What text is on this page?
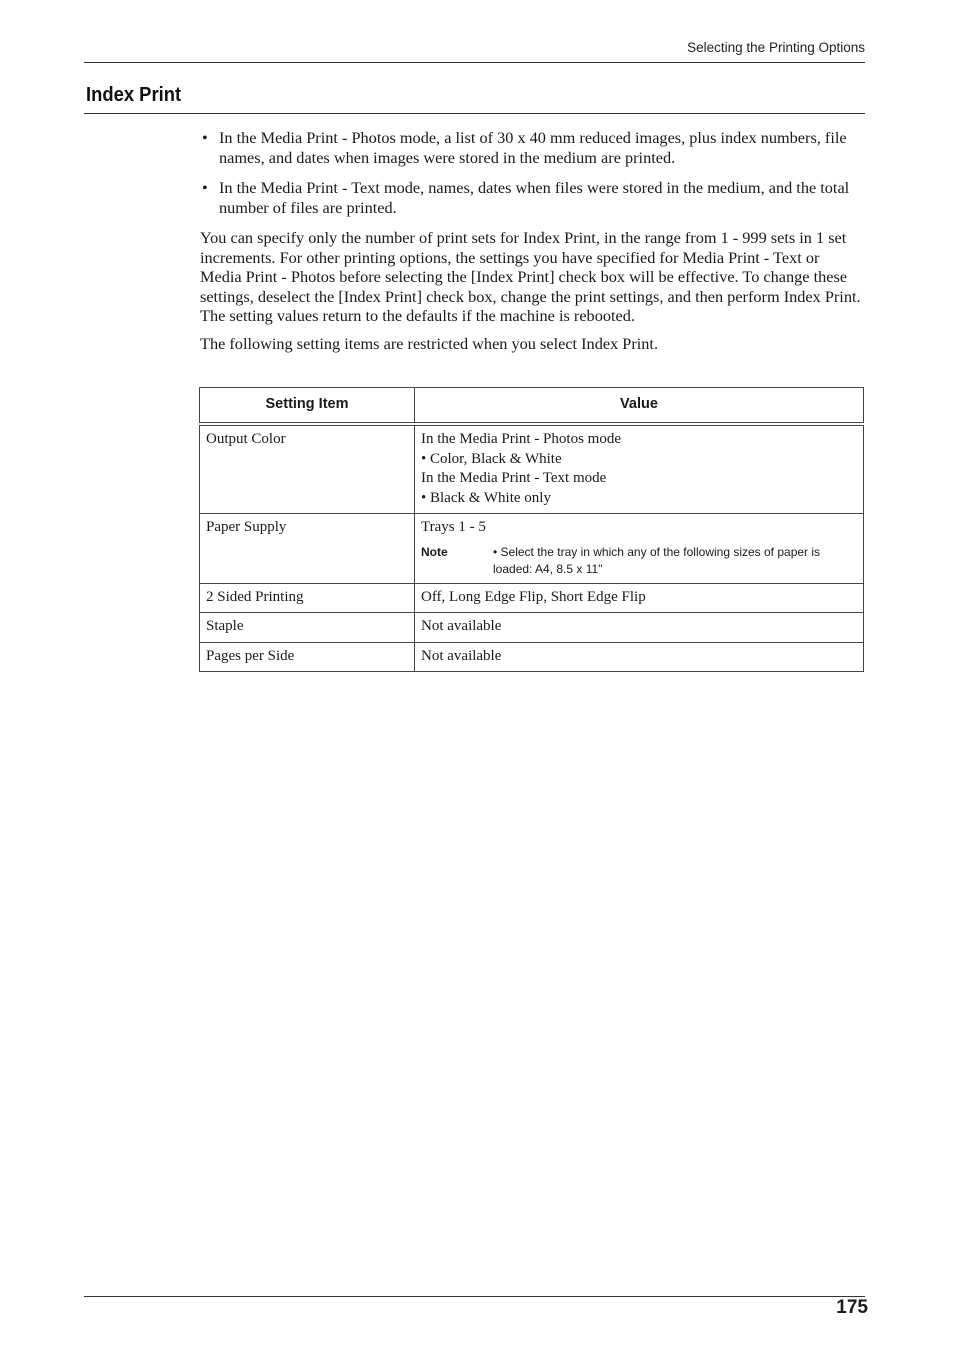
Selecting the Printing Options
Index Print
• In the Media Print - Photos mode, a list of 30 x 40 mm reduced images, plus index numbers, file names, and dates when images were stored in the medium are printed.
• In the Media Print - Text mode, names, dates when files were stored in the medium, and the total number of files are printed.

You can specify only the number of print sets for Index Print, in the range from 1 - 999 sets in 1 set increments. For other printing options, the settings you have specified for Media Print - Text or Media Print - Photos before selecting the [Index Print] check box will be effective. To change these settings, deselect the [Index Print] check box, change the print settings, and then perform Index Print. The setting values return to the defaults if the machine is rebooted.

The following setting items are restricted when you select Index Print.

Setting Item	Value
Output Color	In the Media Print - Photos mode
• Color, Black & White
In the Media Print - Text mode
• Black & White only

Paper Supply	Trays 1 - 5
Note • Select the tray in which any of the following sizes of paper is loaded: A4, 8.5 x 11"

2 Sided Printing	Off, Long Edge Flip, Short Edge Flip
Staple	Not available
Pages per Side	Not available
175
